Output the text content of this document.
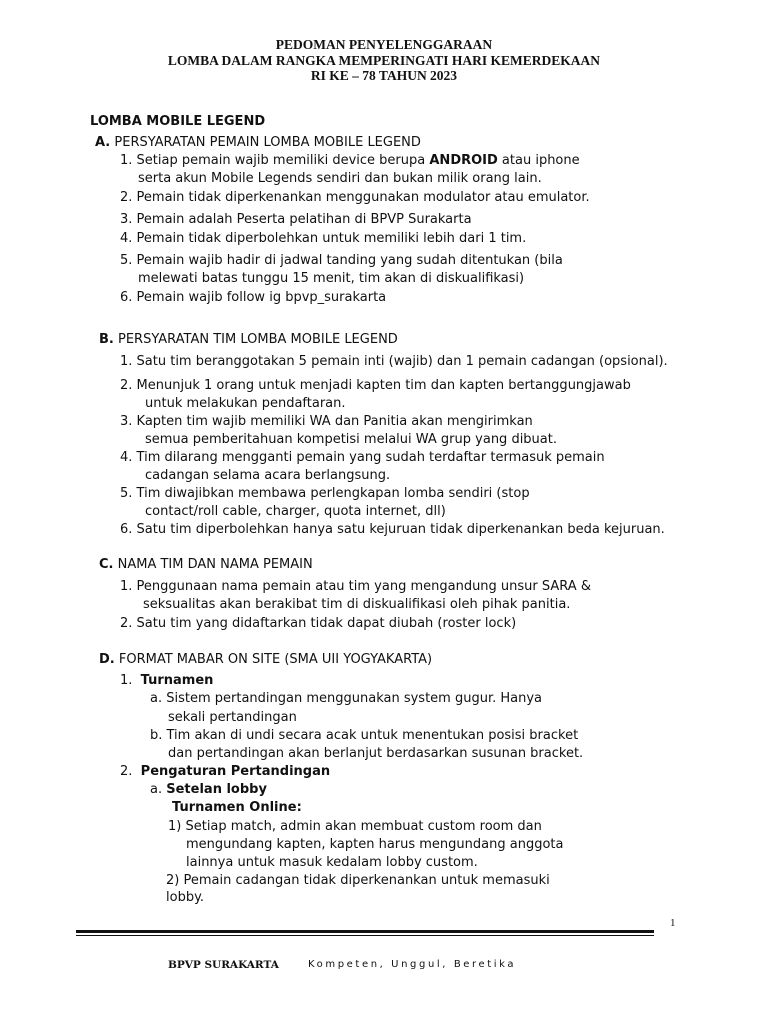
PEDOMAN PENYELENGGARAAN
LOMBA DALAM RANGKA MEMPERINGATI HARI KEMERDEKAAN
RI KE – 78 TAHUN 2023
LOMBA MOBILE LEGEND
A. PERSYARATAN PEMAIN LOMBA MOBILE LEGEND
1. Setiap pemain wajib memiliki device berupa ANDROID atau iphone
serta akun Mobile Legends sendiri dan bukan milik orang lain.
2. Pemain tidak diperkenankan menggunakan modulator atau emulator.
3. Pemain adalah Peserta pelatihan di BPVP Surakarta
4. Pemain tidak diperbolehkan untuk memiliki lebih dari 1 tim.
5. Pemain wajib hadir di jadwal tanding yang sudah ditentukan (bila
melewati batas tunggu 15 menit, tim akan di diskualifikasi)
6. Pemain wajib follow ig bpvp_surakarta
B. PERSYARATAN TIM LOMBA MOBILE LEGEND
1. Satu tim beranggotakan 5 pemain inti (wajib) dan 1 pemain cadangan (opsional).
2. Menunjuk 1 orang untuk menjadi kapten tim dan kapten bertanggungjawab
untuk melakukan pendaftaran.
3. Kapten tim wajib memiliki WA dan Panitia akan mengirimkan
semua pemberitahuan kompetisi melalui WA grup yang dibuat.
4. Tim dilarang mengganti pemain yang sudah terdaftar termasuk pemain
cadangan selama acara berlangsung.
5. Tim diwajibkan membawa perlengkapan lomba sendiri (stop
contact/roll cable, charger, quota internet, dll)
6. Satu tim diperbolehkan hanya satu kejuruan tidak diperkenankan beda kejuruan.
C. NAMA TIM DAN NAMA PEMAIN
1. Penggunaan nama pemain atau tim yang mengandung unsur SARA &
seksualitas akan berakibat tim di diskualifikasi oleh pihak panitia.
2. Satu tim yang didaftarkan tidak dapat diubah (roster lock)
D. FORMAT MABAR ON SITE (SMA UII YOGYAKARTA)
1. Turnamen
a. Sistem pertandingan menggunakan system gugur. Hanya
sekali pertandingan
b. Tim akan di undi secara acak untuk menentukan posisi bracket
dan pertandingan akan berlanjut berdasarkan susunan bracket.
2. Pengaturan Pertandingan
a. Setelan lobby
Turnamen Online:
1) Setiap match, admin akan membuat custom room dan
mengundang kapten, kapten harus mengundang anggota
lainnya untuk masuk kedalam lobby custom.
2) Pemain cadangan tidak diperkenankan untuk memasuki
lobby.
1
BPVP SURAKARTA	Kompeten, Unggul, Beretika
